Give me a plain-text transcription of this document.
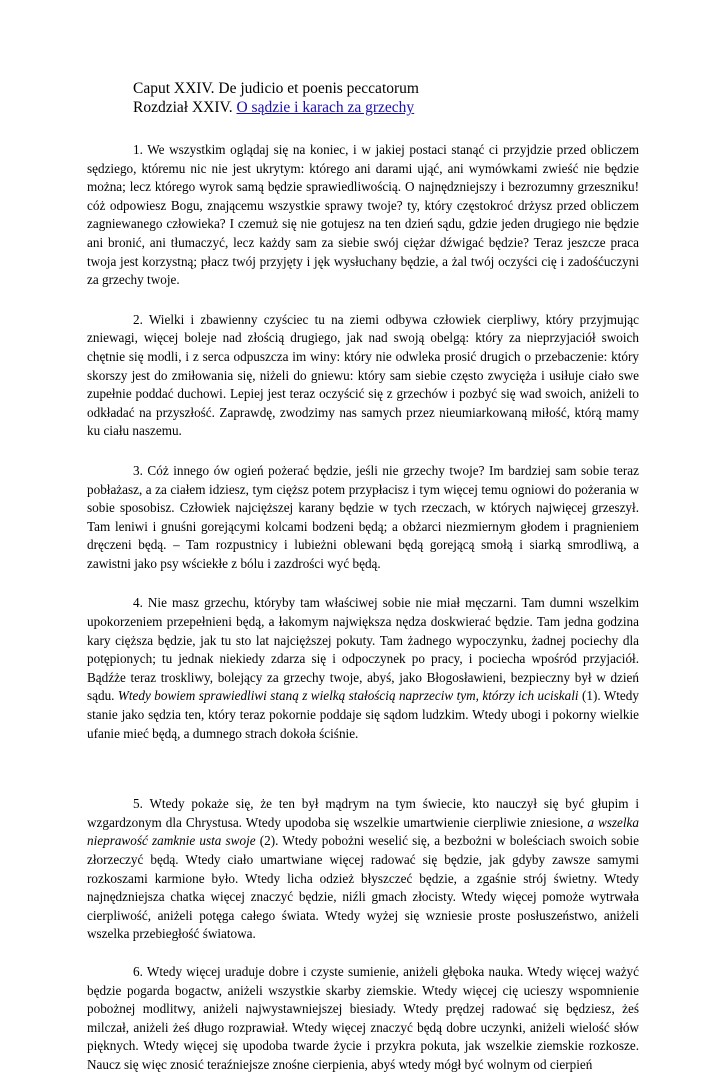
Caput XXIV. De judicio et poenis peccatorum
Rozdział XXIV. O sądzie i karach za grzechy

1. We wszystkim oglądaj się na koniec, i w jakiej postaci stanąć ci przyjdzie przed obliczem sędziego, któremu nic nie jest ukrytym: którego ani darami ująć, ani wymówkami zwieść nie będzie można; lecz którego wyrok samą będzie sprawiedliwością. O najnędzniejszy i bezrozumny grzeszniku! cóż odpowiesz Bogu, znającemu wszystkie sprawy twoje? ty, który częstokroć drżysz przed obliczem zagniewanego człowieka? I czemuż się nie gotujesz na ten dzień sądu, gdzie jeden drugiego nie będzie ani bronić, ani tłumaczyć, lecz każdy sam za siebie swój ciężar dźwigać będzie? Teraz jeszcze praca twoja jest korzystną; płacz twój przyjęty i jęk wysłuchany będzie, a żal twój oczyści cię i zadośćuczyni za grzechy twoje.

2. Wielki i zbawienny czyściec tu na ziemi odbywa człowiek cierpliwy, który przyjmując zniewagi, więcej boleje nad złością drugiego, jak nad swoją obelgą: który za nieprzyjaciół swoich chętnie się modli, i z serca odpuszcza im winy: który nie odwleka prosić drugich o przebaczenie: który skorszy jest do zmiłowania się, niżeli do gniewu: który sam siebie często zwycięża i usiłuje ciało swe zupełnie poddać duchowi. Lepiej jest teraz oczyścić się z grzechów i pozbyć się wad swoich, aniżeli to odkładać na przyszłość. Zaprawdę, zwodzimy nas samych przez nieumiarkowaną miłość, którą mamy ku ciału naszemu.

3. Cóż innego ów ogień pożerać będzie, jeśli nie grzechy twoje? Im bardziej sam sobie teraz pobłażasz, a za ciałem idziesz, tym cięższ potem przypłacisz i tym więcej temu ogniowi do pożerania w sobie sposobisz. Człowiek najcięższej karany będzie w tych rzeczach, w których najwięcej grzeszył. Tam leniwi i gnuśni gorejącymi kolcami bodzeni będą; a obżarci niezmiernym głodem i pragnieniem dręczeni będą. – Tam rozpustnicy i lubieżni oblewani będą gorejącą smołą i siarką smrodliwą, a zawistni jako psy wściekłe z bólu i zazdrości wyć będą.

4. Nie masz grzechu, któryby tam właściwej sobie nie miał męczarni. Tam dumni wszelkim upokorzeniem przepełnieni będą, a łakomym największa nędza doskwierać będzie. Tam jedna godzina kary cięższa będzie, jak tu sto lat najcięższej pokuty. Tam żadnego wypoczynku, żadnej pociechy dla potępionych; tu jednak niekiedy zdarza się i odpoczynek po pracy, i pociecha wpośród przyjaciół. Bądźże teraz troskliwy, bolejący za grzechy twoje, abyś, jako Błogosławieni, bezpieczny był w dzień sądu. Wtedy bowiem sprawiedliwi staną z wielką stałością naprzeciw tym, którzy ich uciskali (1). Wtedy stanie jako sędzia ten, który teraz pokornie poddaje się sądom ludzkim. Wtedy ubogi i pokorny wielkie ufanie mieć będą, a dumnego strach dokoła ściśnie.

5. Wtedy pokaże się, że ten był mądrym na tym świecie, kto nauczył się być głupim i wzgardzonym dla Chrystusa. Wtedy upodoba się wszelkie umartwienie cierpliwie zniesione, a wszelka nieprawość zamknie usta swoje (2). Wtedy pobożni weselić się, a bezbożni w boleściach swoich sobie złorzeczyć będą. Wtedy ciało umartwiane więcej radować się będzie, jak gdyby zawsze samymi rozkoszami karmione było. Wtedy licha odzież błyszczeć będzie, a zgaśnie strój świetny. Wtedy najnędzniejsza chatka więcej znaczyć będzie, niźli gmach złocisty. Wtedy więcej pomoże wytrwała cierpliwość, aniżeli potęga całego świata. Wtedy wyżej się wzniesie proste posłuszeństwo, aniżeli wszelka przebiegłość światowa.

6. Wtedy więcej uraduje dobre i czyste sumienie, aniżeli głęboka nauka. Wtedy więcej ważyć będzie pogarda bogactw, aniżeli wszystkie skarby ziemskie. Wtedy więcej cię ucieszy wspomnienie pobożnej modlitwy, aniżeli najwystawniejszej biesiady. Wtedy prędzej radować się będziesz, żeś milczał, aniżeli żeś długo rozprawiał. Wtedy więcej znaczyć będą dobre uczynki, aniżeli wielość słów pięknych. Wtedy więcej się upodoba twarde życie i przykra pokuta, jak wszelkie ziemskie rozkosze. Naucz się więc znosić teraźniejsze znośne cierpienia, abyś wtedy mógł być wolnym od cierpień
